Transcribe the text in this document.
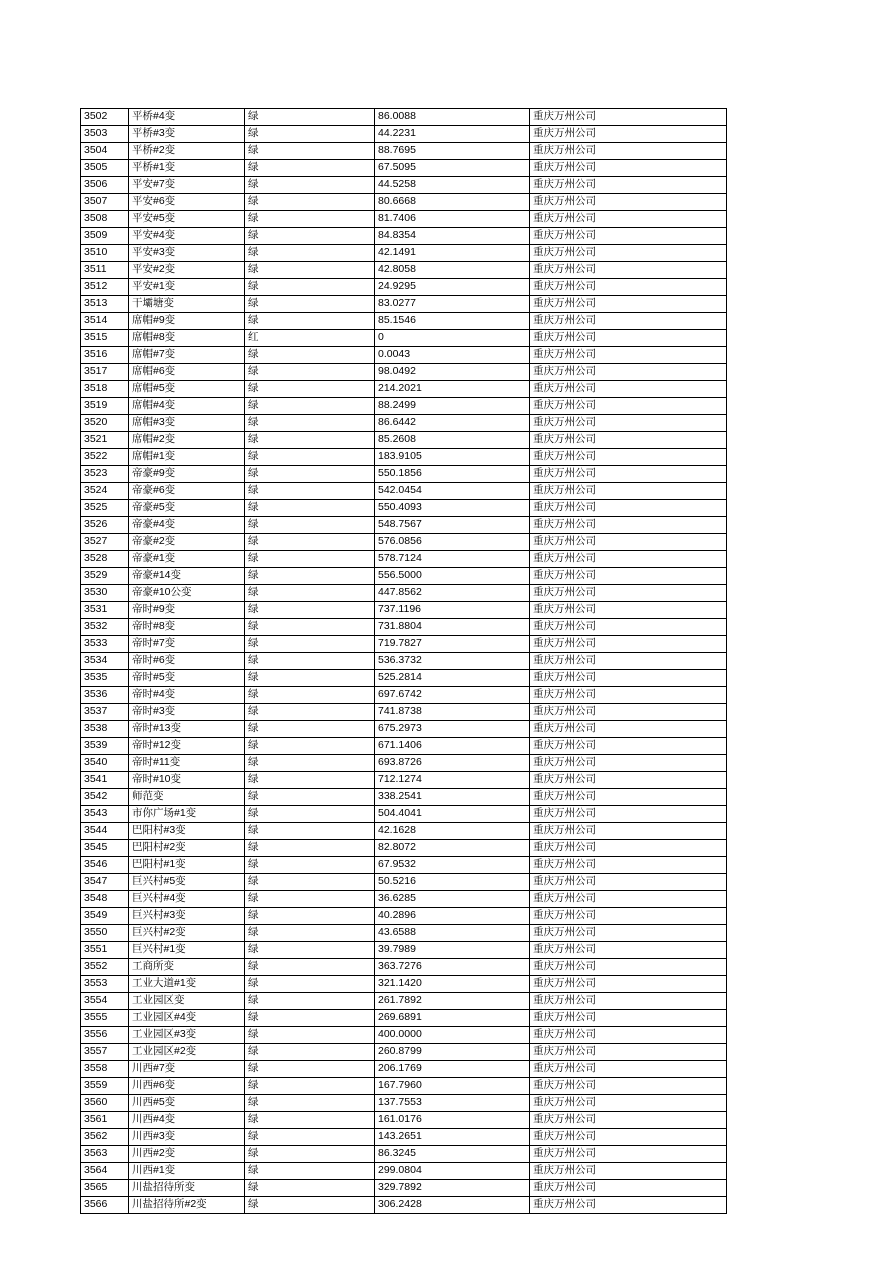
3502	平桥#4变	绿	86.0088	重庆万州公司
3503	平桥#3变	绿	44.2231	重庆万州公司
3504	平桥#2变	绿	88.7695	重庆万州公司
3505	平桥#1变	绿	67.5095	重庆万州公司
3506	平安#7变	绿	44.5258	重庆万州公司
3507	平安#6变	绿	80.6668	重庆万州公司
3508	平安#5变	绿	81.7406	重庆万州公司
3509	平安#4变	绿	84.8354	重庆万州公司
3510	平安#3变	绿	42.1491	重庆万州公司
3511	平安#2变	绿	42.8058	重庆万州公司
3512	平安#1变	绿	24.9295	重庆万州公司
3513	干壩塘变	绿	83.0277	重庆万州公司
3514	席帽#9变	绿	85.1546	重庆万州公司
3515	席帽#8变	红	0	重庆万州公司
3516	席帽#7变	绿	0.0043	重庆万州公司
3517	席帽#6变	绿	98.0492	重庆万州公司
3518	席帽#5变	绿	214.2021	重庆万州公司
3519	席帽#4变	绿	88.2499	重庆万州公司
3520	席帽#3变	绿	86.6442	重庆万州公司
3521	席帽#2变	绿	85.2608	重庆万州公司
3522	席帽#1变	绿	183.9105	重庆万州公司
3523	帝豪#9变	绿	550.1856	重庆万州公司
3524	帝豪#6变	绿	542.0454	重庆万州公司
3525	帝豪#5变	绿	550.4093	重庆万州公司
3526	帝豪#4变	绿	548.7567	重庆万州公司
3527	帝豪#2变	绿	576.0856	重庆万州公司
3528	帝豪#1变	绿	578.7124	重庆万州公司
3529	帝豪#14变	绿	556.5000	重庆万州公司
3530	帝豪#10公变	绿	447.8562	重庆万州公司
3531	帝时#9变	绿	737.1196	重庆万州公司
3532	帝时#8变	绿	731.8804	重庆万州公司
3533	帝时#7变	绿	719.7827	重庆万州公司
3534	帝时#6变	绿	536.3732	重庆万州公司
3535	帝时#5变	绿	525.2814	重庆万州公司
3536	帝时#4变	绿	697.6742	重庆万州公司
3537	帝时#3变	绿	741.8738	重庆万州公司
3538	帝时#13变	绿	675.2973	重庆万州公司
3539	帝时#12变	绿	671.1406	重庆万州公司
3540	帝时#11变	绿	693.8726	重庆万州公司
3541	帝时#10变	绿	712.1274	重庆万州公司
3542	师范变	绿	338.2541	重庆万州公司
3543	市你广场#1变	绿	504.4041	重庆万州公司
3544	巴阳村#3变	绿	42.1628	重庆万州公司
3545	巴阳村#2变	绿	82.8072	重庆万州公司
3546	巴阳村#1变	绿	67.9532	重庆万州公司
3547	巨兴村#5变	绿	50.5216	重庆万州公司
3548	巨兴村#4变	绿	36.6285	重庆万州公司
3549	巨兴村#3变	绿	40.2896	重庆万州公司
3550	巨兴村#2变	绿	43.6588	重庆万州公司
3551	巨兴村#1变	绿	39.7989	重庆万州公司
3552	工商所变	绿	363.7276	重庆万州公司
3553	工业大道#1变	绿	321.1420	重庆万州公司
3554	工业园区变	绿	261.7892	重庆万州公司
3555	工业园区#4变	绿	269.6891	重庆万州公司
3556	工业园区#3变	绿	400.0000	重庆万州公司
3557	工业园区#2变	绿	260.8799	重庆万州公司
3558	川西#7变	绿	206.1769	重庆万州公司
3559	川西#6变	绿	167.7960	重庆万州公司
3560	川西#5变	绿	137.7553	重庆万州公司
3561	川西#4变	绿	161.0176	重庆万州公司
3562	川西#3变	绿	143.2651	重庆万州公司
3563	川西#2变	绿	86.3245	重庆万州公司
3564	川西#1变	绿	299.0804	重庆万州公司
3565	川盐招待所变	绿	329.7892	重庆万州公司
3566	川盐招待所#2变	绿	306.2428	重庆万州公司
